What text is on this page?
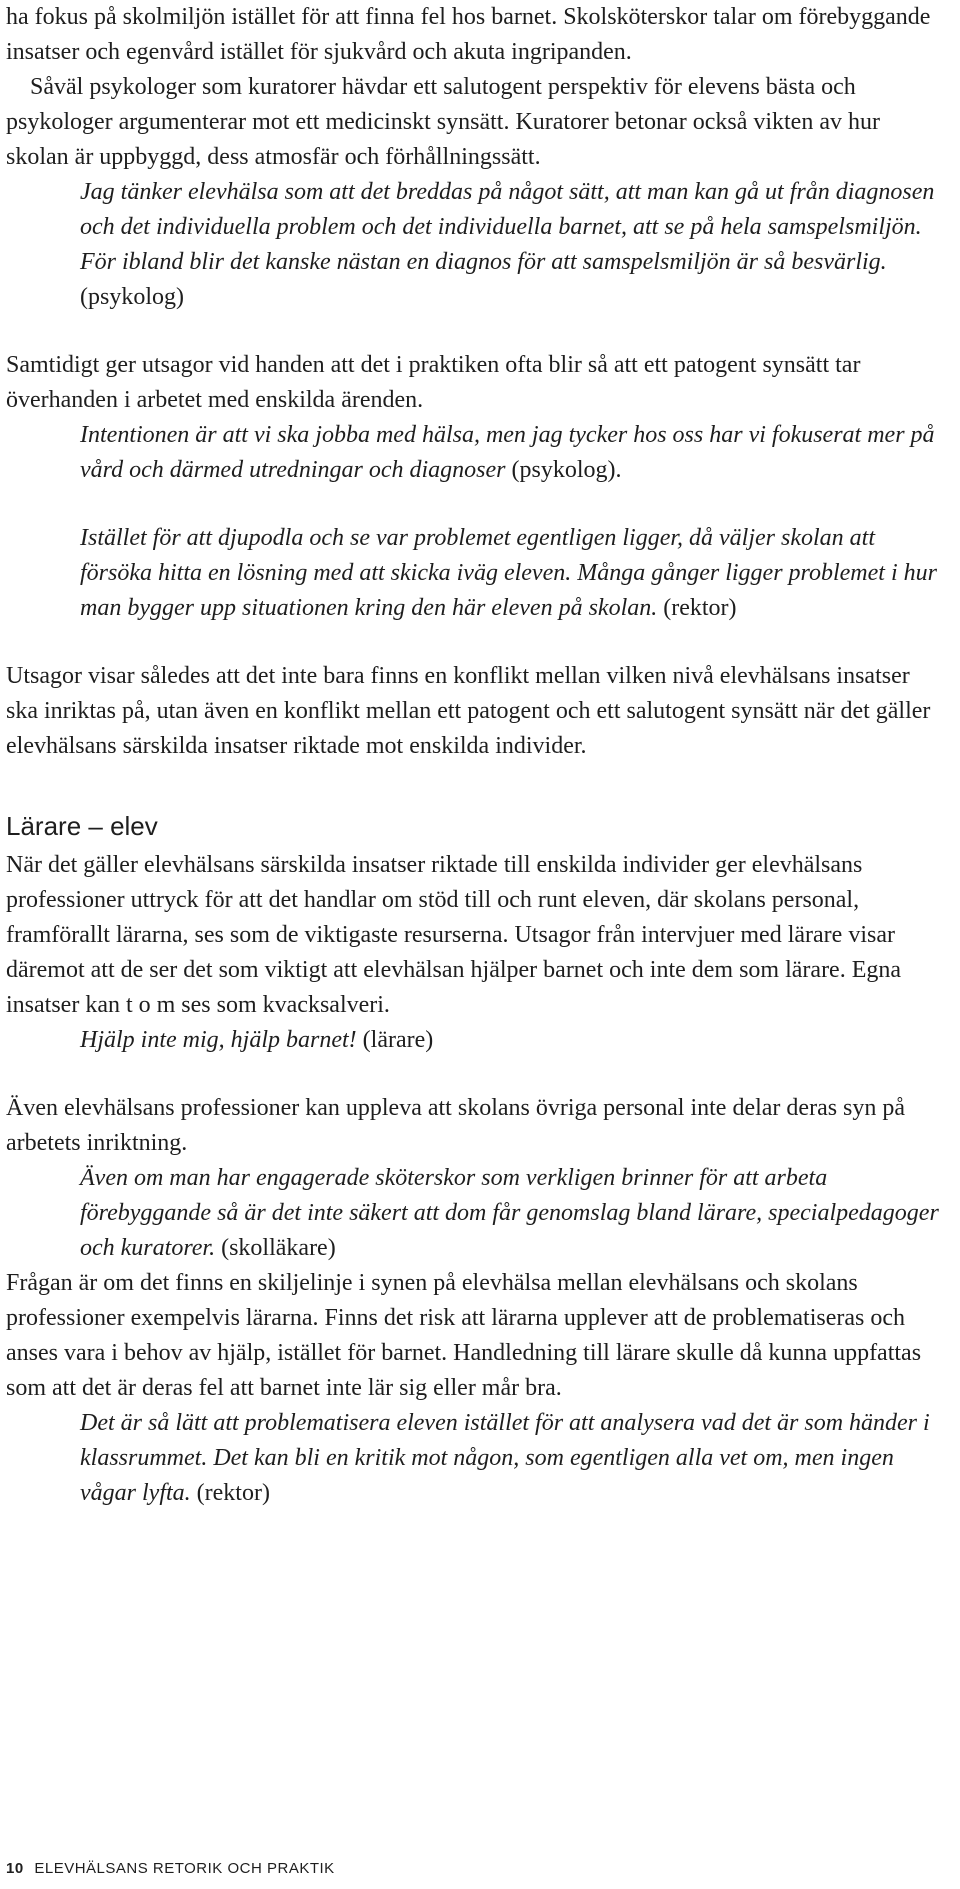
ha fokus på skolmiljön istället för att finna fel hos barnet. Skolsköterskor talar om förebyggande insatser och egenvård istället för sjukvård och akuta ingripanden.

Såväl psykologer som kuratorer hävdar ett salutogent perspektiv för elevens bästa och psykologer argumenterar mot ett medicinskt synsätt. Kuratorer betonar också vikten av hur skolan är uppbyggd, dess atmosfär och förhållningssätt.

Jag tänker elevhälsa som att det breddas på något sätt, att man kan gå ut från diagnosen och det individuella problem och det individuella barnet, att se på hela samspelsmiljön. För ibland blir det kanske nästan en diagnos för att samspelsmiljön är så besvärlig. (psykolog)

Samtidigt ger utsagor vid handen att det i praktiken ofta blir så att ett patogent synsätt tar överhanden i arbetet med enskilda ärenden.

Intentionen är att vi ska jobba med hälsa, men jag tycker hos oss har vi fokuserat mer på vård och därmed utredningar och diagnoser (psykolog).

Istället för att djupodla och se var problemet egentligen ligger, då väljer skolan att försöka hitta en lösning med att skicka iväg eleven. Många gånger ligger problemet i hur man bygger upp situationen kring den här eleven på skolan. (rektor)

Utsagor visar således att det inte bara finns en konflikt mellan vilken nivå elevhälsans insatser ska inriktas på, utan även en konflikt mellan ett patogent och ett salutogent synsätt när det gäller elevhälsans särskilda insatser riktade mot enskilda individer.

Lärare – elev

När det gäller elevhälsans särskilda insatser riktade till enskilda individer ger elevhälsans professioner uttryck för att det handlar om stöd till och runt eleven, där skolans personal, framförallt lärarna, ses som de viktigaste resurserna. Utsagor från intervjuer med lärare visar däremot att de ser det som viktigt att elevhälsan hjälper barnet och inte dem som lärare. Egna insatser kan t o m ses som kvacksalveri.

Hjälp inte mig, hjälp barnet! (lärare)

Även elevhälsans professioner kan uppleva att skolans övriga personal inte delar deras syn på arbetets inriktning.

Även om man har engagerade sköterskor som verkligen brinner för att arbeta förebyggande så är det inte säkert att dom får genomslag bland lärare, specialpedagoger och kuratorer. (skolläkare)

Frågan är om det finns en skiljelinje i synen på elevhälsa mellan elevhälsans och skolans professioner exempelvis lärarna. Finns det risk att lärarna upplever att de problematiseras och anses vara i behov av hjälp, istället för barnet. Handledning till lärare skulle då kunna uppfattas som att det är deras fel att barnet inte lär sig eller mår bra.

Det är så lätt att problematisera eleven istället för att analysera vad det är som händer i klassrummet. Det kan bli en kritik mot någon, som egentligen alla vet om, men ingen vågar lyfta. (rektor)

10 ELEVHÄLSANS RETORIK OCH PRAKTIK
